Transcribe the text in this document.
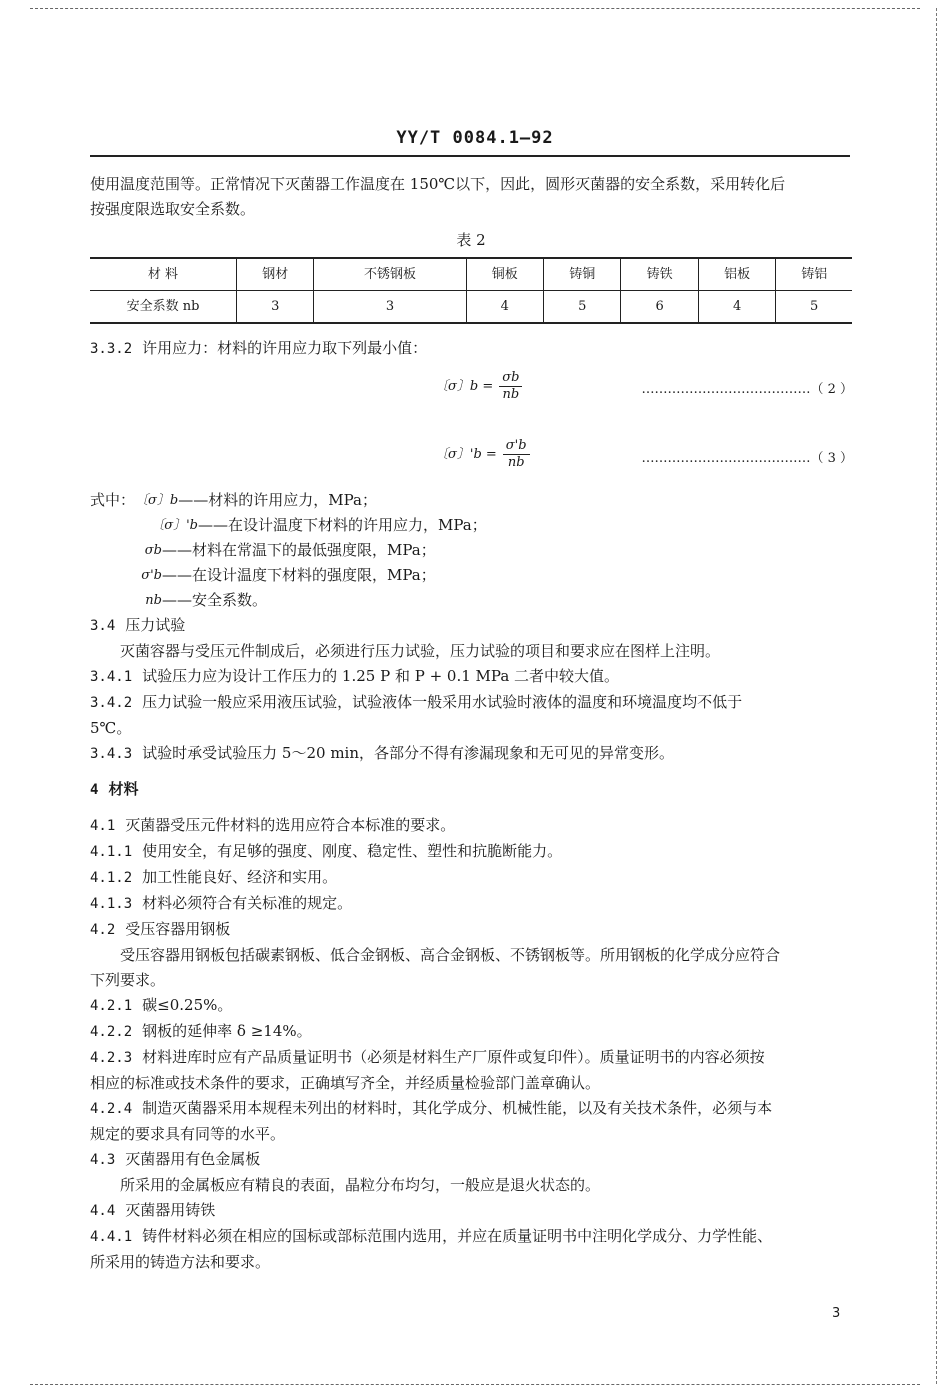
YY/T 0084.1—92

使用温度范围等。正常情况下灭菌器工作温度在 150℃以下，因此，圆形灭菌器的安全系数，采用转化后

按强度限选取安全系数。

表 2
材 料	钢材	不锈钢板	铜板	铸铜	铸铁	铝板	铸铝
安全系数 nb	3	3	4	5	6	4	5

3.3.2 许用应力：材料的许用应力取下列最小值：

〔σ〕$b = \frac{\sigma b}{nb}$	…………………………………（ 2 ）
〔σ〕'$b = \frac{\sigma'b}{nb}$	…………………………………（ 3 ）

式中： 〔σ〕b ——材料的许用应力，MPa；

〔σ〕'b ——在设计温度下材料的许用应力，MPa；

σb ——材料在常温下的最低强度限，MPa；

σ'b ——在设计温度下材料的强度限，MPa；

nb ——安全系数。

3.4 压力试验

灭菌容器与受压元件制成后，必须进行压力试验，压力试验的项目和要求应在图样上注明。

3.4.1 试验压力应为设计工作压力的 1.25 P 和 P + 0.1 MPa 二者中较大值。

3.4.2 压力试验一般应采用液压试验，试验液体一般采用水试验时液体的温度和环境温度均不低于

5℃。

3.4.3 试验时承受试验压力 5～20 min，各部分不得有渗漏现象和无可见的异常变形。

4 材料

4.1 灭菌器受压元件材料的选用应符合本标准的要求。

4.1.1 使用安全，有足够的强度、刚度、稳定性、塑性和抗脆断能力。

4.1.2 加工性能良好、经济和实用。

4.1.3 材料必须符合有关标准的规定。

4.2 受压容器用钢板

受压容器用钢板包括碳素钢板、低合金钢板、高合金钢板、不锈钢板等。所用钢板的化学成分应符合

下列要求。

4.2.1 碳≤0.25%。

4.2.2 钢板的延伸率 δ ≥14%。

4.2.3 材料进库时应有产品质量证明书（必须是材料生产厂原件或复印件）。质量证明书的内容必须按

相应的标准或技术条件的要求，正确填写齐全，并经质量检验部门盖章确认。

4.2.4 制造灭菌器采用本规程未列出的材料时，其化学成分、机械性能，以及有关技术条件，必须与本

规定的要求具有同等的水平。

4.3 灭菌器用有色金属板

所采用的金属板应有精良的表面，晶粒分布均匀，一般应是退火状态的。

4.4 灭菌器用铸铁

4.4.1 铸件材料必须在相应的国标或部标范围内选用，并应在质量证明书中注明化学成分、力学性能、

所采用的铸造方法和要求。

3
